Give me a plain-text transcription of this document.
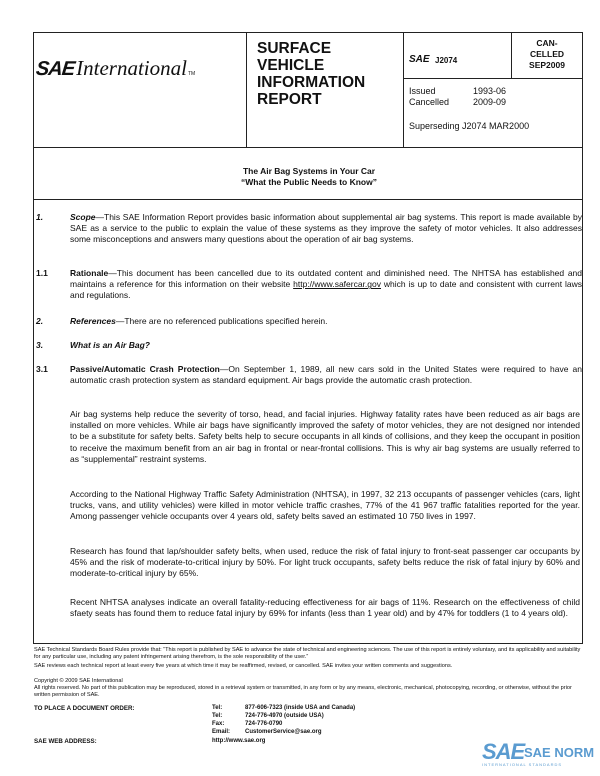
SAE International TM
SURFACE
VEHICLE
INFORMATION
REPORT
SAE J2074
CAN-
CELLED
SEP2009
Issued	1993-06
Cancelled	2009-09
Superseding J2074 MAR2000
The Air Bag Systems in Your Car
“What the Public Needs to Know”
1.	Scope—This SAE Information Report provides basic information about supplemental air bag systems. This report is made available by SAE as a service to the public to explain the value of these systems as they improve the safety of motor vehicles. It also addresses some misconceptions and answers many questions about the operation of air bag systems.
1.1	Rationale—This document has been cancelled due to its outdated content and diminished need. The NHTSA has established and maintains a reference for this information on their website http://www.safercar.gov which is up to date and consistent with current laws and regulations.
2.	References—There are no referenced publications specified herein.
3.	What is an Air Bag?
3.1	Passive/Automatic Crash Protection—On September 1, 1989, all new cars sold in the United States were required to have an automatic crash protection system as standard equipment. Air bags provide the automatic crash protection.
Air bag systems help reduce the severity of torso, head, and facial injuries. Highway fatality rates have been reduced as air bags are installed on more vehicles. While air bags have significantly improved the safety of motor vehicles, they are not designed nor intended to be a substitute for safety belts. Safety belts help to secure occupants in all kinds of collisions, and they keep the occupant in position to receive the maximum benefit from an air bag in frontal or near-frontal collisions. This is why air bag systems are usually referred to as “supplemental” restraint systems.
According to the National Highway Traffic Safety Administration (NHTSA), in 1997, 32 213 occupants of passenger vehicles (cars, light trucks, vans, and utility vehicles) were killed in motor vehicle traffic crashes, 77% of the 41 967 traffic fatalities reported for the year. Among passenger vehicle occupants over 4 years old, safety belts saved an estimated 10 750 lives in 1997.
Research has found that lap/shoulder safety belts, when used, reduce the risk of fatal injury to front-seat passenger car occupants by 45% and the risk of moderate-to-critical injury by 50%. For light truck occupants, safety belts reduce the risk of fatal injury by 60% and moderate-to-critical injury by 65%.
Recent NHTSA analyses indicate an overall fatality-reducing effectiveness for air bags of 11%. Research on the effectiveness of child sfaety seats has found them to reduce fatal injury by 69% for infants (less than 1 year old) and by 47% for toddlers (1 to 4 years old).
SAE Technical Standards Board Rules provide that: “This report is published by SAE to advance the state of technical and engineering sciences. The use of this report is entirely voluntary, and its applicability and suitability for any particular use, including any patent infringement arising therefrom, is the sole responsibility of the user.”
SAE reviews each technical report at least every five years at which time it may be reaffirmed, revised, or cancelled. SAE invites your written comments and suggestions.
Copyright © 2009 SAE International
All rights reserved. No part of this publication may be reproduced, stored in a retrieval system or transmitted, in any form or by any means, electronic, mechanical, photocopying, recording, or otherwise, without the prior written permission of SAE.
TO PLACE A DOCUMENT ORDER:	Tel:	877-606-7323 (inside USA and Canada)
Tel:	724-776-4970 (outside USA)
Fax:	724-776-0790
Email: CustomerService@sae.org
SAE WEB ADDRESS:	http://www.sae.org	SAE SAE NORM
INTERNATIONAL STANDARDS
